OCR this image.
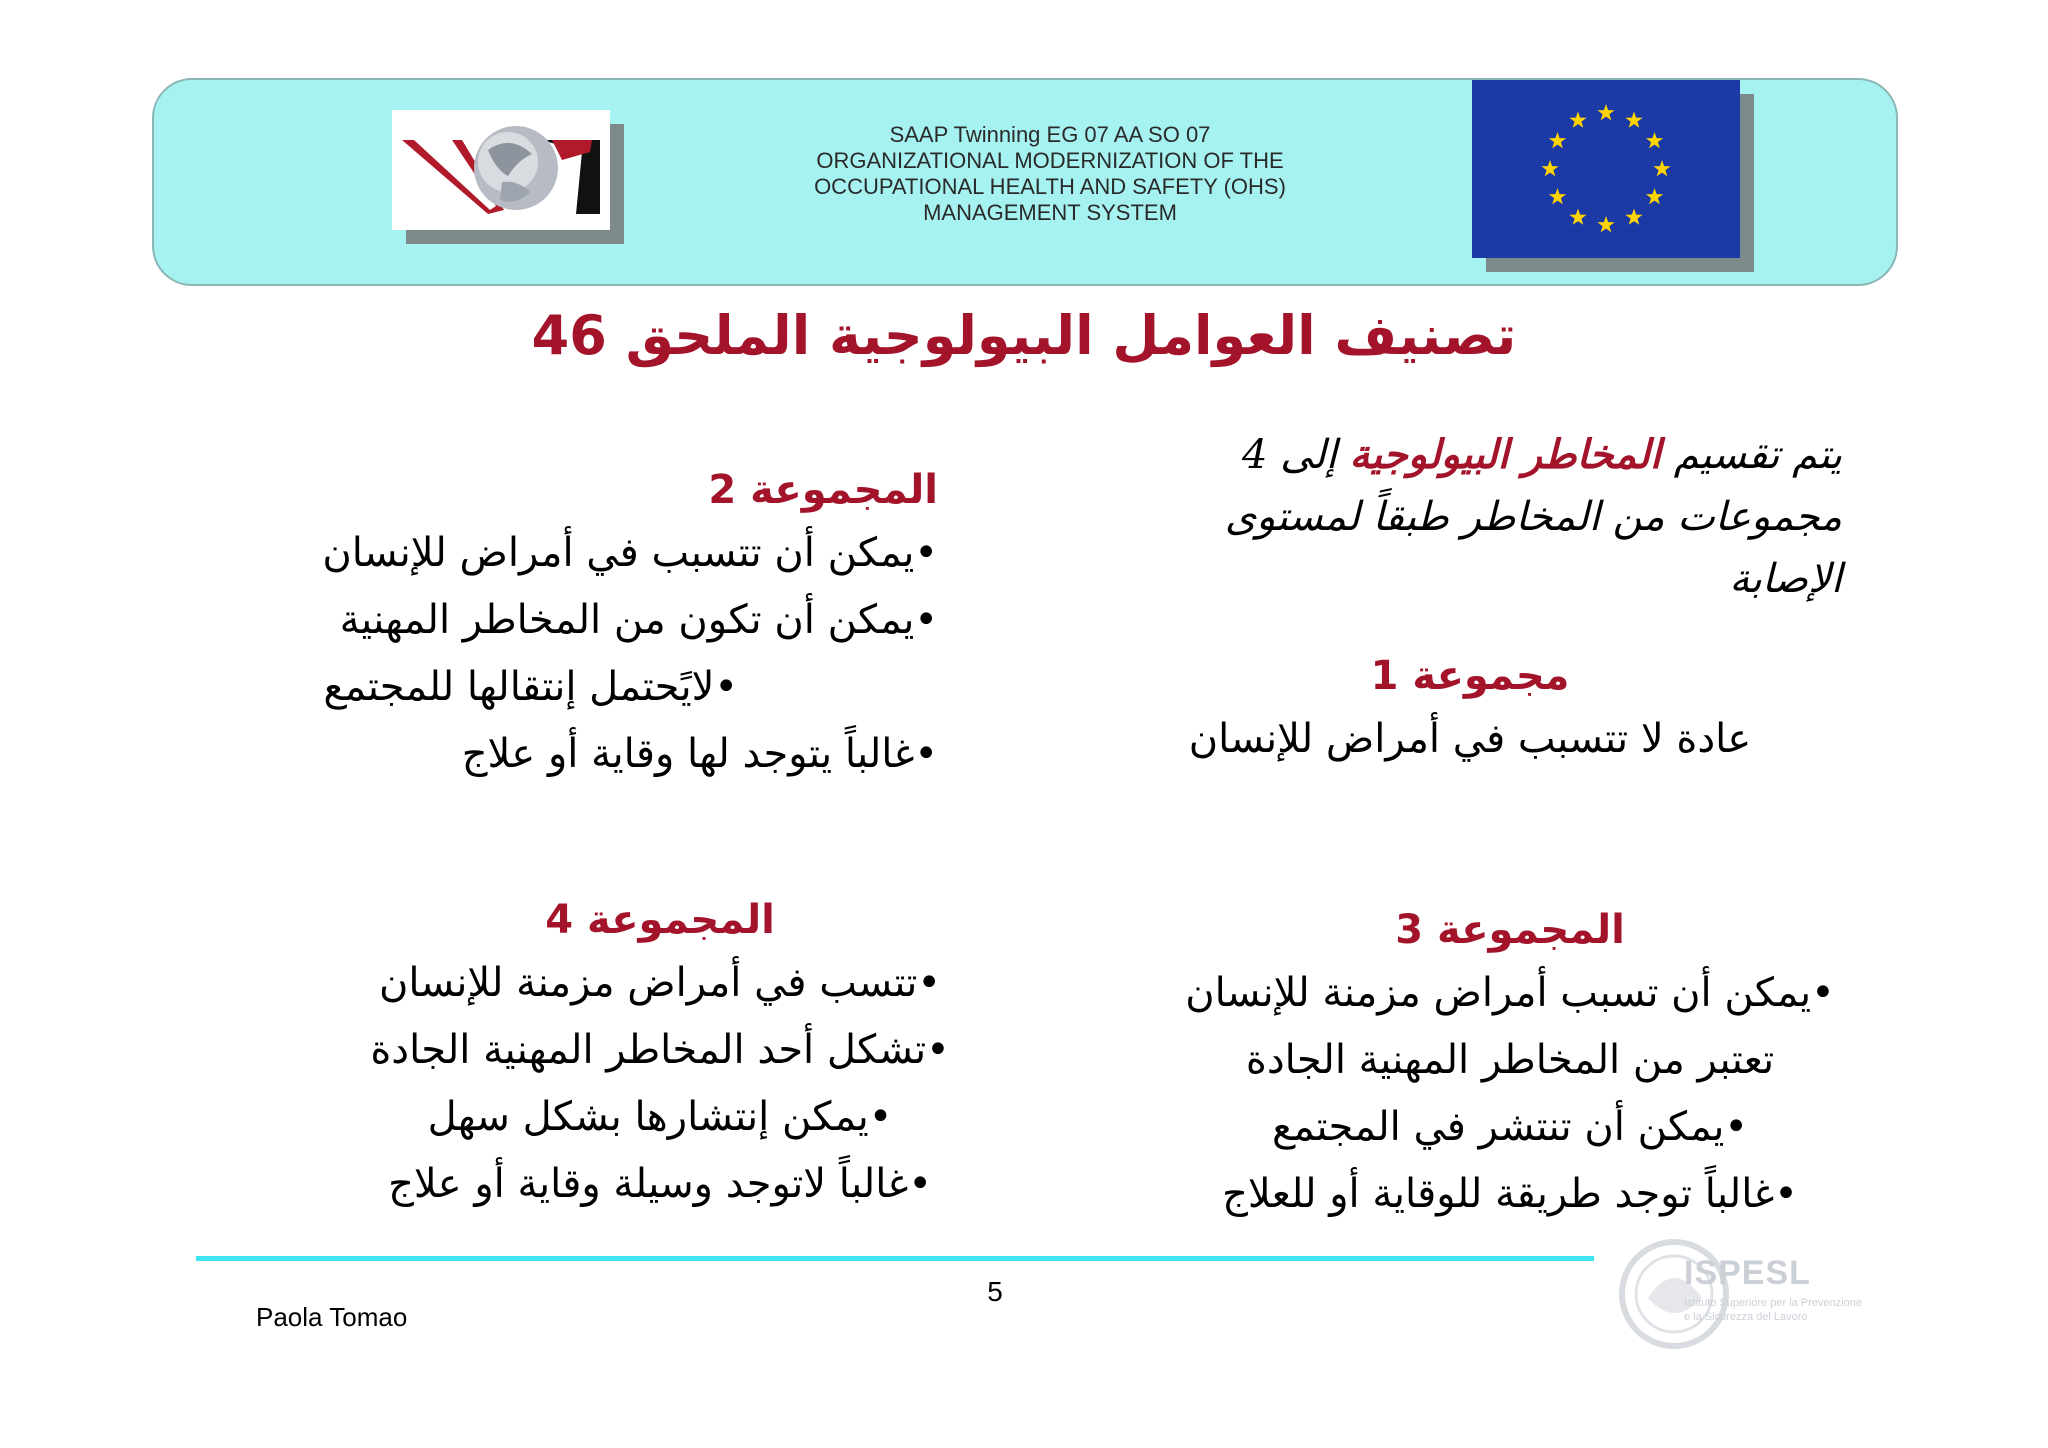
SAAP Twinning EG 07 AA SO 07
ORGANIZATIONAL MODERNIZATION OF THE
OCCUPATIONAL HEALTH AND SAFETY (OHS)
MANAGEMENT SYSTEM
تصنيف العوامل البيولوجية الملحق 46
يتم تقسيم المخاطر البيولوجية إلى 4
مجموعات من المخاطر طبقاً لمستوى
الإصابة
مجموعة 1
عادة لا تتسبب في أمراض للإنسان
المجموعة 2
•يمكن أن تتسبب في أمراض للإنسان
•يمكن أن تكون من المخاطر المهنية
•لايًحتمل إنتقالها للمجتمع
•غالباً يتوجد لها وقاية أو علاج
المجموعة 3
•يمكن أن تسبب أمراض مزمنة للإنسان
تعتبر من المخاطر المهنية الجادة
•يمكن أن تنتشر في المجتمع
•غالباً توجد طريقة للوقاية أو للعلاج
المجموعة 4
•تتسب في أمراض مزمنة للإنسان
•تشكل أحد المخاطر المهنية الجادة
•يمكن إنتشارها بشكل سهل
•غالباً لاتوجد وسيلة وقاية أو علاج
5
Paola Tomao
ISPESL
Istituto Superiore per la Prevenzione
e la Sicurezza del Lavoro
